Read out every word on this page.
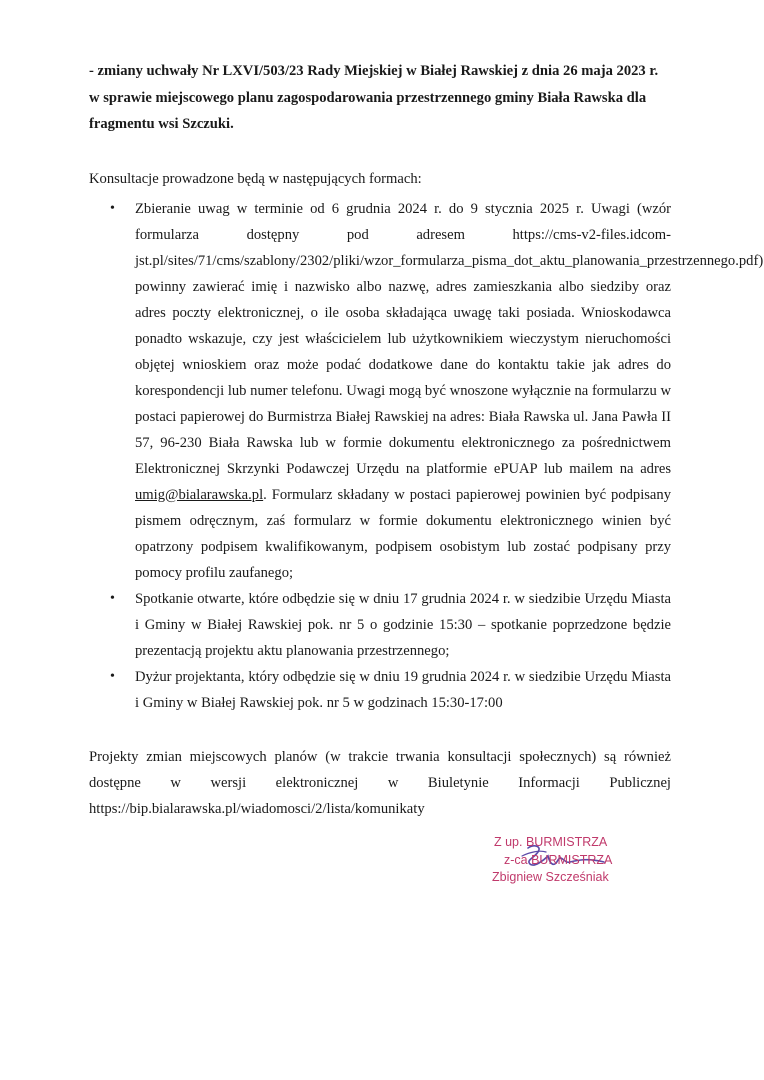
- zmiany uchwały Nr LXVI/503/23 Rady Miejskiej w Białej Rawskiej z dnia 26 maja 2023 r. w sprawie miejscowego planu zagospodarowania przestrzennego gminy Biała Rawska dla fragmentu wsi Szczuki.

Konsultacje prowadzone będą w następujących formach:

• Zbieranie uwag w terminie od 6 grudnia 2024 r. do 9 stycznia 2025 r. Uwagi (wzór formularza dostępny pod adresem https://cms-v2-files.idcom-jst.pl/sites/71/cms/szablony/2302/pliki/wzor_formularza_pisma_dot_aktu_planowania_przestrzennego.pdf) powinny zawierać imię i nazwisko albo nazwę, adres zamieszkania albo siedziby oraz adres poczty elektronicznej, o ile osoba składająca uwagę taki posiada. Wnioskodawca ponadto wskazuje, czy jest właścicielem lub użytkownikiem wieczystym nieruchomości objętej wnioskiem oraz może podać dodatkowe dane do kontaktu takie jak adres do korespondencji lub numer telefonu. Uwagi mogą być wnoszone wyłącznie na formularzu w postaci papierowej do Burmistrza Białej Rawskiej na adres: Biała Rawska ul. Jana Pawła II 57, 96-230 Biała Rawska lub w formie dokumentu elektronicznego za pośrednictwem Elektronicznej Skrzynki Podawczej Urzędu na platformie ePUAP lub mailem na adres umig@bialarawska.pl. Formularz składany w postaci papierowej powinien być podpisany pismem odręcznym, zaś formularz w formie dokumentu elektronicznego winien być opatrzony podpisem kwalifikowanym, podpisem osobistym lub zostać podpisany przy pomocy profilu zaufanego;
• Spotkanie otwarte, które odbędzie się w dniu 17 grudnia 2024 r. w siedzibie Urzędu Miasta i Gminy w Białej Rawskiej pok. nr 5 o godzinie 15:30 – spotkanie poprzedzone będzie prezentacją projektu aktu planowania przestrzennego;
• Dyżur projektanta, który odbędzie się w dniu 19 grudnia 2024 r. w siedzibie Urzędu Miasta i Gminy w Białej Rawskiej pok. nr 5 w godzinach 15:30-17:00

Projekty zmian miejscowych planów (w trakcie trwania konsultacji społecznych) są również dostępne w wersji elektronicznej w Biuletynie Informacji Publicznej https://bip.bialarawska.pl/wiadomosci/2/lista/komunikaty

Z up. BURMISTRZA
z-ca BURMISTRZA
Zbigniew Szcześniak
